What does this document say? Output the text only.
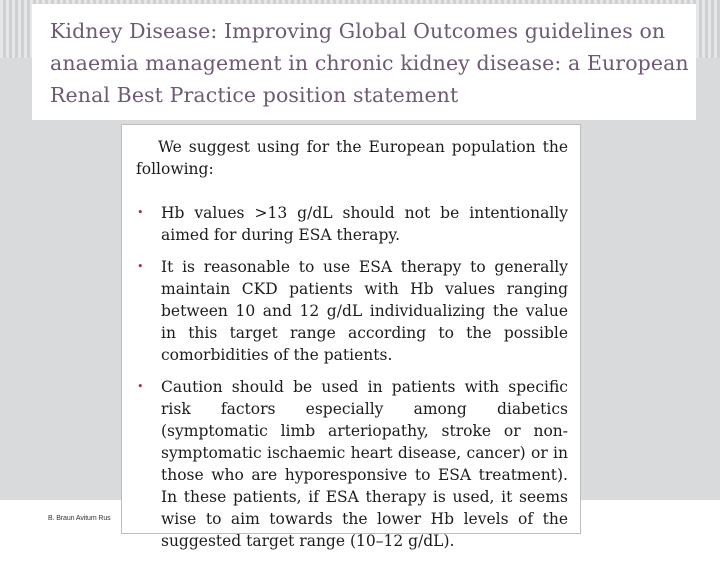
Kidney Disease: Improving Global Outcomes guidelines on anaemia management in chronic kidney disease: a European Renal Best Practice position statement

We suggest using for the European population the following:

• Hb values >13 g/dL should not be intentionally aimed for during ESA therapy.
• It is reasonable to use ESA therapy to generally maintain CKD patients with Hb values ranging between 10 and 12 g/dL individualizing the value in this target range according to the possible comorbidities of the patients.
• Caution should be used in patients with specific risk factors especially among diabetics (symptomatic limb arteriopathy, stroke or non-symptomatic ischaemic heart disease, cancer) or in those who are hyporesponsive to ESA treatment). In these patients, if ESA therapy is used, it seems wise to aim towards the lower Hb levels of the suggested target range (10–12 g/dL).
B. Braun Avitum Rus
